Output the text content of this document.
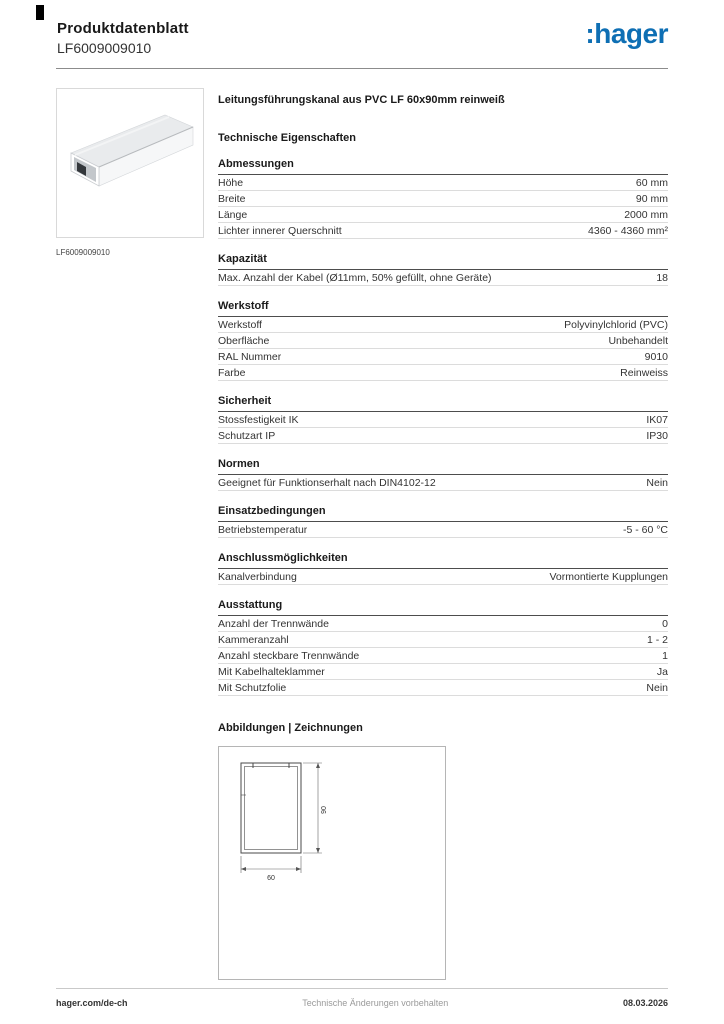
Produktdatenblatt
LF6009009010	:hager
LF6009009010
Leitungsführungskanal aus PVC LF 60x90mm reinweiß
Technische Eigenschaften
Abmessungen
Höhe	60 mm
Breite	90 mm
Länge	2000 mm
Lichter innerer Querschnitt	4360 - 4360 mm²
Kapazität
Max. Anzahl der Kabel (Ø11mm, 50% gefüllt, ohne Geräte)	18
Werkstoff
Werkstoff	Polyvinylchlorid (PVC)
Oberfläche	Unbehandelt
RAL Nummer	9010
Farbe	Reinweiss
Sicherheit
Stossfestigkeit IK	IK07
Schutzart IP	IP30
Normen
Geeignet für Funktionserhalt nach DIN4102-12	Nein
Einsatzbedingungen
Betriebstemperatur	-5 - 60 °C
Anschlussmöglichkeiten
Kanalverbindung	Vormontierte Kupplungen
Ausstattung
Anzahl der Trennwände	0
Kammeranzahl	1 - 2
Anzahl steckbare Trennwände	1
Mit Kabelhalteklammer	Ja
Mit Schutzfolie	Nein
Abbildungen | Zeichnungen
90
60
hager.com/de-ch	Technische Änderungen vorbehalten	08.03.2026
